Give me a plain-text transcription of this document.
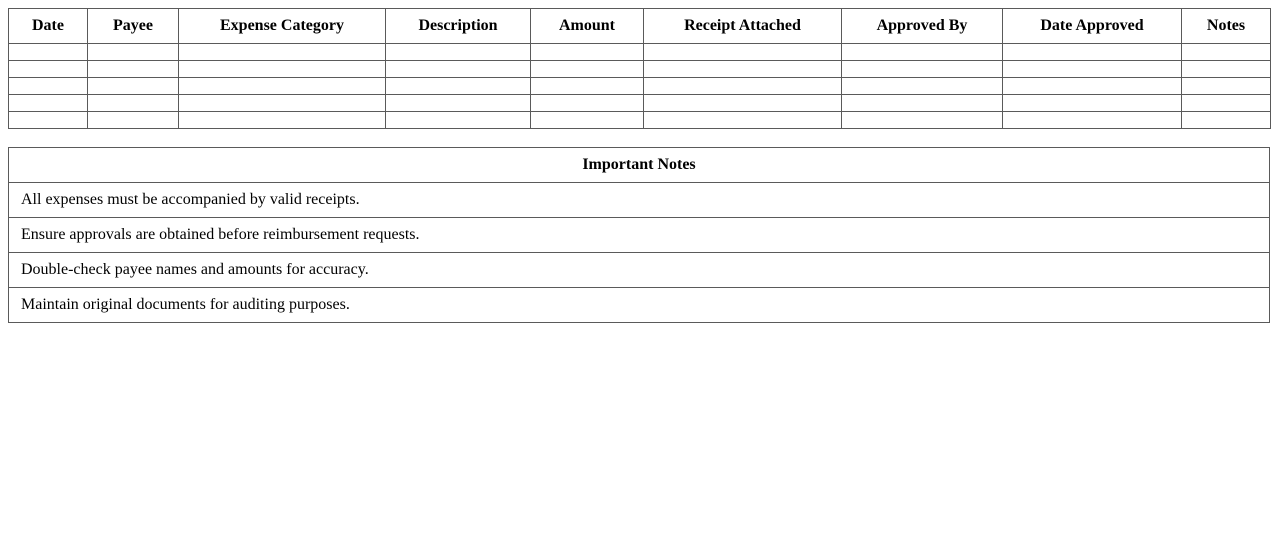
Date	Payee	Expense Category	Description	Amount	Receipt Attached	Approved By	Date Approved	Notes

Important Notes
All expenses must be accompanied by valid receipts.
Ensure approvals are obtained before reimbursement requests.
Double-check payee names and amounts for accuracy.
Maintain original documents for auditing purposes.
